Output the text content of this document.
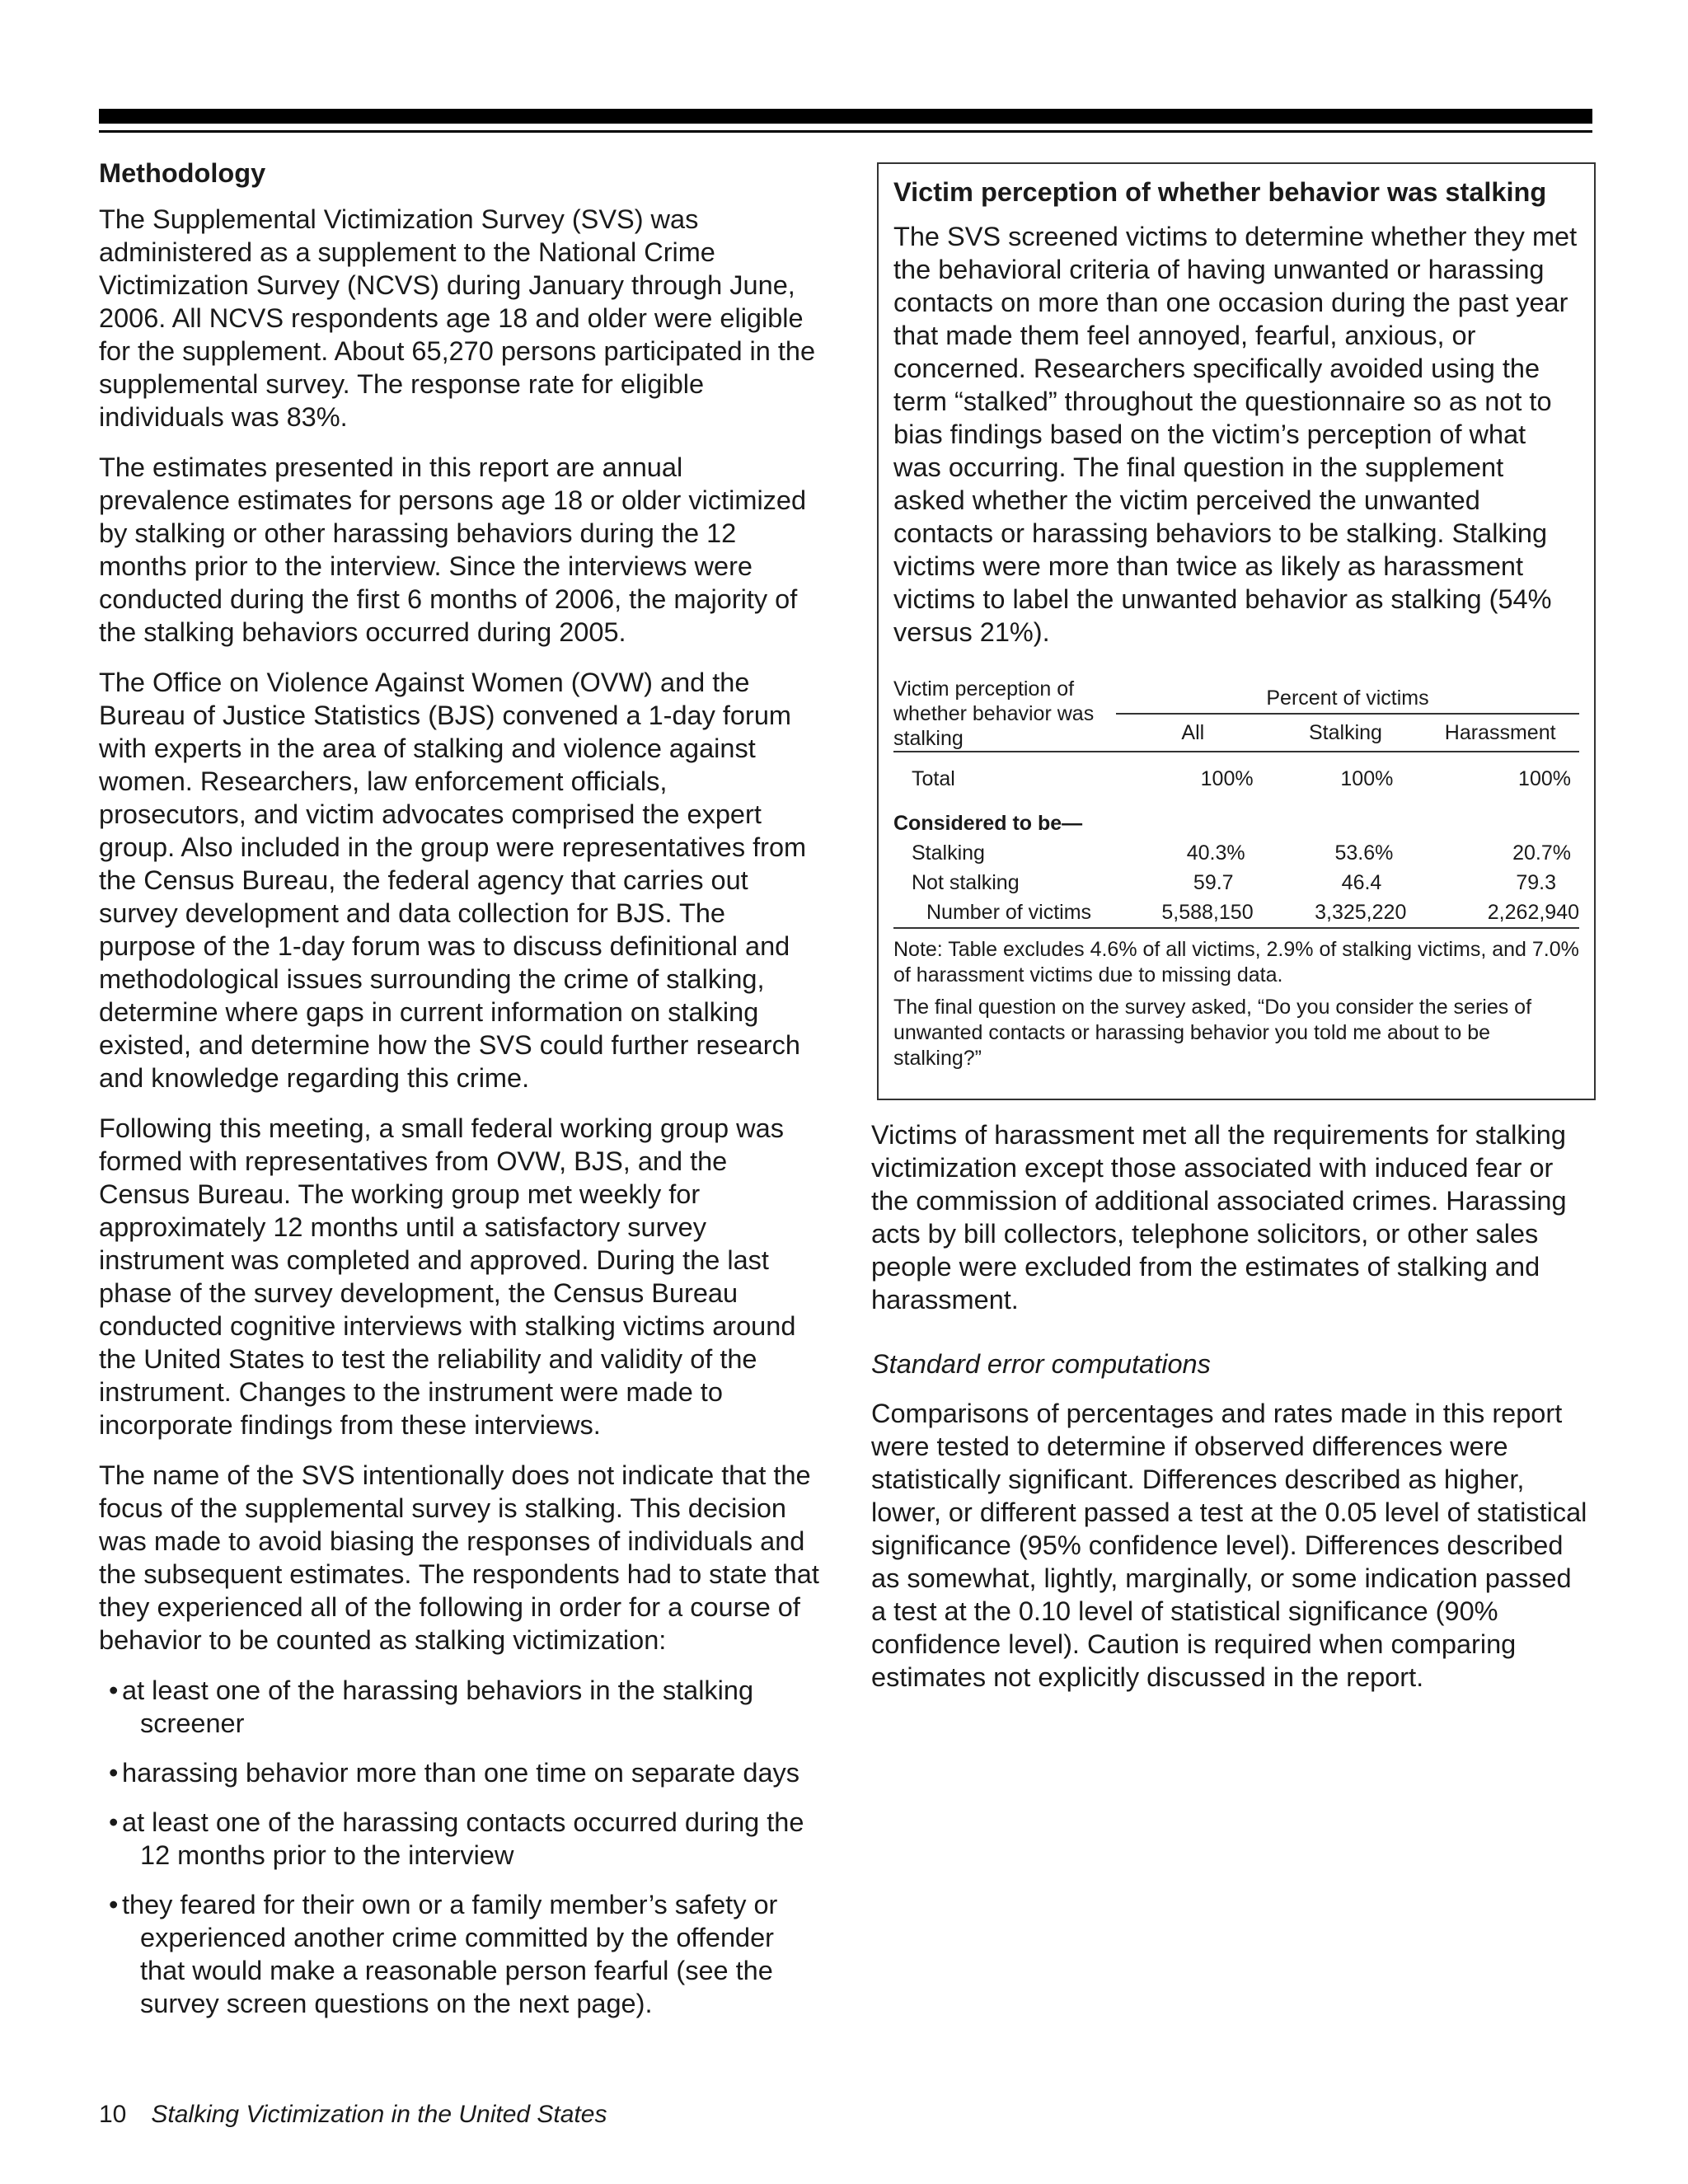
Methodology

The Supplemental Victimization Survey (SVS) was administered as a supplement to the National Crime Victimization Survey (NCVS) during January through June, 2006. All NCVS respondents age 18 and older were eligible for the supplement. About 65,270 persons participated in the supplemental survey. The response rate for eligible individuals was 83%.

The estimates presented in this report are annual prevalence estimates for persons age 18 or older victimized by stalking or other harassing behaviors during the 12 months prior to the interview. Since the interviews were conducted during the first 6 months of 2006, the majority of the stalking behaviors occurred during 2005.

The Office on Violence Against Women (OVW) and the Bureau of Justice Statistics (BJS) convened a 1-day forum with experts in the area of stalking and violence against women. Researchers, law enforcement officials, prosecutors, and victim advocates comprised the expert group. Also included in the group were representatives from the Census Bureau, the federal agency that carries out survey development and data collection for BJS. The purpose of the 1-day forum was to discuss definitional and methodological issues surrounding the crime of stalking, determine where gaps in current information on stalking existed, and determine how the SVS could further research and knowledge regarding this crime.

Following this meeting, a small federal working group was formed with representatives from OVW, BJS, and the Census Bureau. The working group met weekly for approximately 12 months until a satisfactory survey instrument was completed and approved. During the last phase of the survey development, the Census Bureau conducted cognitive interviews with stalking victims around the United States to test the reliability and validity of the instrument. Changes to the instrument were made to incorporate findings from these interviews.

The name of the SVS intentionally does not indicate that the focus of the supplemental survey is stalking. This decision was made to avoid biasing the responses of individuals and the subsequent estimates. The respondents had to state that they experienced all of the following in order for a course of behavior to be counted as stalking victimization:

• at least one of the harassing behaviors in the stalking screener
• harassing behavior more than one time on separate days
• at least one of the harassing contacts occurred during the 12 months prior to the interview
• they feared for their own or a family member’s safety or experienced another crime committed by the offender that would make a reasonable person fearful (see the survey screen questions on the next page).
Victim perception of whether behavior was stalking

The SVS screened victims to determine whether they met the behavioral criteria of having unwanted or harassing contacts on more than one occasion during the past year that made them feel annoyed, fearful, anxious, or concerned. Researchers specifically avoided using the term “stalked” throughout the questionnaire so as not to bias findings based on the victim’s perception of what was occurring. The final question in the supplement asked whether the victim perceived the unwanted contacts or harassing behaviors to be stalking. Stalking victims were more than twice as likely as harassment victims to label the unwanted behavior as stalking (54% versus 21%).

Victim perception of whether behavior was stalking	Percent of victims		
	All	Stalking	Harassment
Total	100%	100%	100%
Considered to be—			
Stalking	40.3%	53.6%	20.7%
Not stalking	59.7	46.4	79.3
Number of victims	5,588,150	3,325,220	2,262,940

Note: Table excludes 4.6% of all victims, 2.9% of stalking victims, and 7.0% of harassment victims due to missing data.

The final question on the survey asked, “Do you consider the series of unwanted contacts or harassing behavior you told me about to be stalking?”

Victims of harassment met all the requirements for stalking victimization except those associated with induced fear or the commission of additional associated crimes. Harassing acts by bill collectors, telephone solicitors, or other sales people were excluded from the estimates of stalking and harassment.

Standard error computations

Comparisons of percentages and rates made in this report were tested to determine if observed differences were statistically significant. Differences described as higher, lower, or different passed a test at the 0.05 level of statistical significance (95% confidence level). Differences described as somewhat, lightly, marginally, or some indication passed a test at the 0.10 level of statistical significance (90% confidence level). Caution is required when comparing estimates not explicitly discussed in the report.

10 Stalking Victimization in the United States
